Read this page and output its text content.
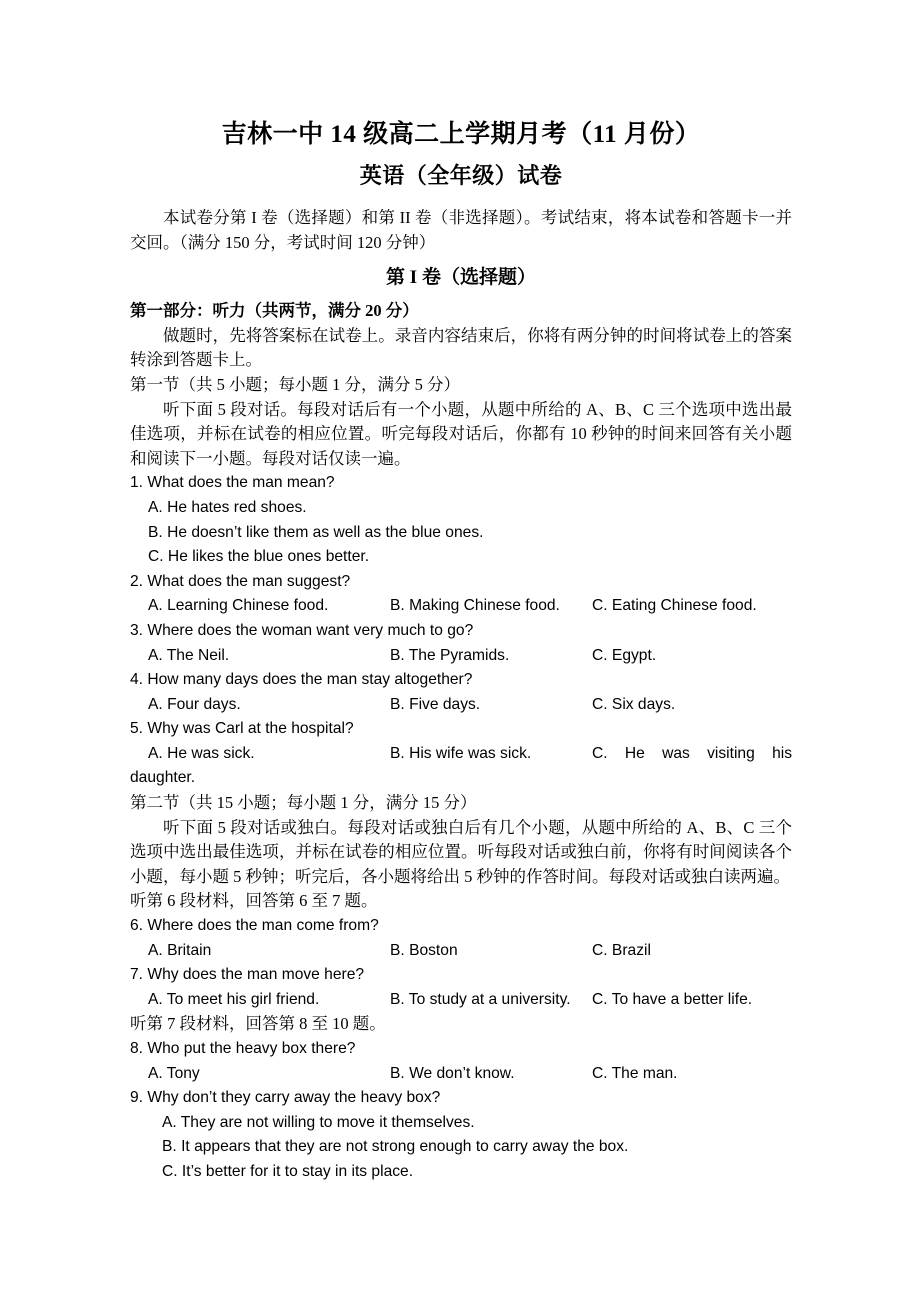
吉林一中 14 级高二上学期月考（11 月份）
英语（全年级）试卷

本试卷分第 I 卷（选择题）和第 II 卷（非选择题）。考试结束，将本试卷和答题卡一并交回。（满分 150 分，考试时间 120 分钟）

第 I 卷（选择题）

第一部分：听力（共两节，满分 20 分）

做题时，先将答案标在试卷上。录音内容结束后，你将有两分钟的时间将试卷上的答案转涂到答题卡上。

第一节（共 5 小题；每小题 1 分，满分 5 分）

听下面 5 段对话。每段对话后有一个小题，从题中所给的 A、B、C 三个选项中选出最佳选项，并标在试卷的相应位置。听完每段对话后，你都有 10 秒钟的时间来回答有关小题和阅读下一小题。每段对话仅读一遍。

1. What does the man mean?

A. He hates red shoes.

B. He doesn’t like them as well as the blue ones.

C. He likes the blue ones better.

2. What does the man suggest?

A. Learning Chinese food.	B. Making Chinese food. C. Eating Chinese food.

3. Where does the woman want very much to go?

A. The Neil.	B. The Pyramids.	C. Egypt.

4. How many days does the man stay altogether?

A. Four days.	B. Five days.	C. Six days.

5. Why was Carl at the hospital?

A. He was sick.	B. His wife was sick.	C. He was visiting his

daughter.

第二节（共 15 小题；每小题 1 分，满分 15 分）

听下面 5 段对话或独白。每段对话或独白后有几个小题，从题中所给的 A、B、C 三个选项中选出最佳选项，并标在试卷的相应位置。听每段对话或独白前，你将有时间阅读各个小题，每小题 5 秒钟；听完后，各小题将给出 5 秒钟的作答时间。每段对话或独白读两遍。

听第 6 段材料，回答第 6 至 7 题。

6. Where does the man come from?

A. Britain	B. Boston	C. Brazil

7. Why does the man move here?

A. To meet his girl friend.	B. To study at a university. C. To have a better life.

听第 7 段材料，回答第 8 至 10 题。

8. Who put the heavy box there?

A. Tony	B. We don’t know.	C. The man.

9. Why don’t they carry away the heavy box?

A. They are not willing to move it themselves.

B. It appears that they are not strong enough to carry away the box.

C. It’s better for it to stay in its place.
